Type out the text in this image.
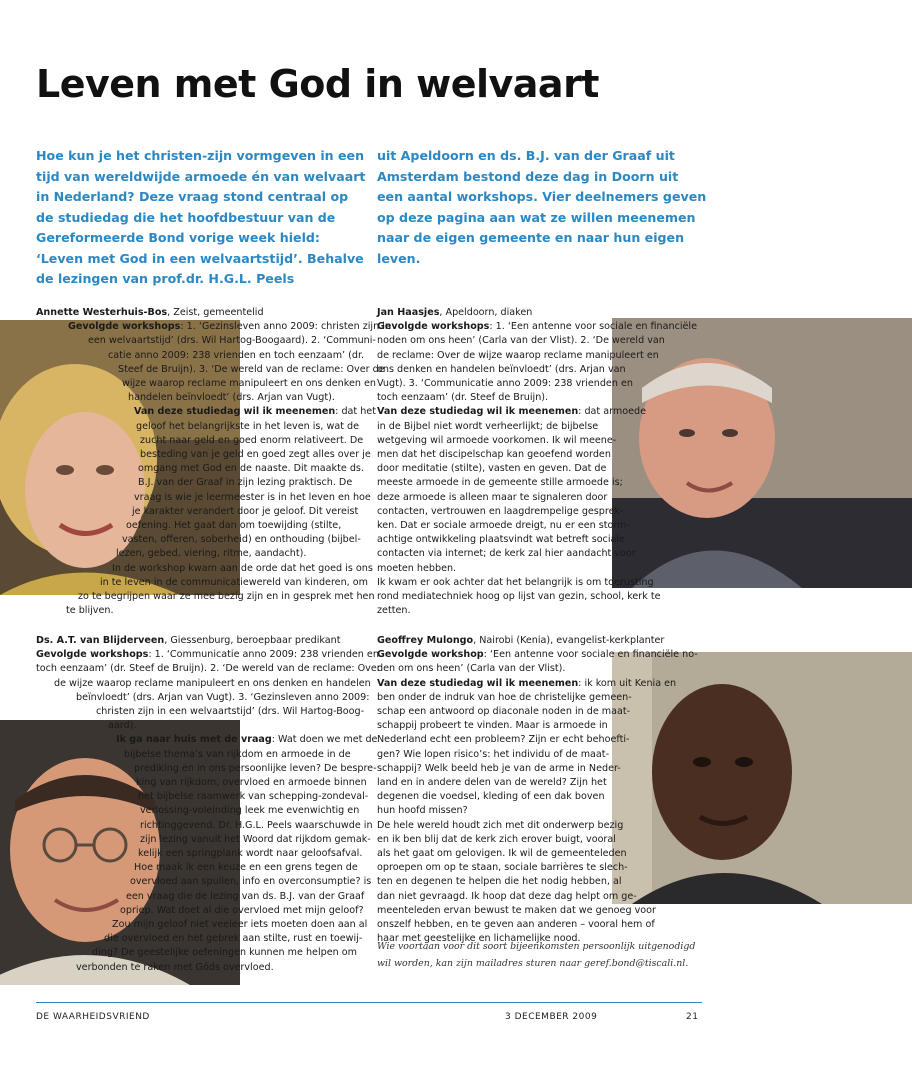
Leven met God in welvaart

Hoe kun je het christen-zijn vormgeven in een tijd van wereldwijde armoede én van welvaart in Nederland? Deze vraag stond centraal op de studiedag die het hoofdbestuur van de Gereformeerde Bond vorige week hield: ‘Leven met God in een welvaartstijd’. Behalve de lezingen van prof.dr. H.G.L. Peels

uit Apeldoorn en ds. B.J. van der Graaf uit Amsterdam bestond deze dag in Doorn uit een aantal workshops. Vier deelnemers geven op deze pagina aan wat ze willen meenemen naar de eigen gemeente en naar hun eigen leven.

Annette Westerhuis-Bos, Zeist, gemeentelid
Gevolgde workshops: 1. ‘Gezinsleven anno 2009: christen zijn in
een welvaartstijd’ (drs. Wil Hartog-Boogaard). 2. ‘Communi-
catie anno 2009: 238 vrienden en toch eenzaam’ (dr.
Steef de Bruijn). 3. ‘De wereld van de reclame: Over de
wijze waarop reclame manipuleert en ons denken en
handelen beïnvloedt’ (drs. Arjan van Vugt).
Van deze studiedag wil ik meenemen: dat het
geloof het belangrijkste in het leven is, wat de
zucht naar geld en goed enorm relativeert. De
besteding van je geld en goed zegt alles over je
omgang met God en de naaste. Dit maakte ds.
B.J. van der Graaf in zijn lezing praktisch. De
vraag is wie je leermeester is in het leven en hoe
je karakter verandert door je geloof. Dit vereist
oefening. Het gaat dan om toewijding (stilte,
vasten, offeren, soberheid) en onthouding (bijbel-
lezen, gebed, viering, ritme, aandacht).
In de workshop kwam aan de orde dat het goed is ons
in te leven in de communicatiewereld van kinderen, om
zo te begrijpen waar ze mee bezig zijn en in gesprek met hen
te blijven.
Jan Haasjes, Apeldoorn, diaken
Gevolgde workshops: 1. ‘Een antenne voor sociale en financiële
noden om ons heen’ (Carla van der Vlist). 2. ‘De wereld van
de reclame: Over de wijze waarop reclame manipuleert en
ons denken en handelen beïnvloedt’ (drs. Arjan van
Vugt). 3. ‘Communicatie anno 2009: 238 vrienden en
toch eenzaam’ (dr. Steef de Bruijn).
Van deze studiedag wil ik meenemen: dat armoede
in de Bijbel niet wordt verheerlijkt; de bijbelse
wetgeving wil armoede voorkomen. Ik wil meene-
men dat het discipelschap kan geoefend worden
door meditatie (stilte), vasten en geven. Dat de
meeste armoede in de gemeente stille armoede is;
deze armoede is alleen maar te signaleren door
contacten, vertrouwen en laagdrempelige gesprek-
ken. Dat er sociale armoede dreigt, nu er een storm-
achtige ontwikkeling plaatsvindt wat betreft sociale
contacten via internet; de kerk zal hier aandacht voor
moeten hebben.
Ik kwam er ook achter dat het belangrijk is om toerusting
rond mediatechniek hoog op lijst van gezin, school, kerk te
zetten.
Ds. A.T. van Blijderveen, Giessenburg, beroepbaar predikant
Gevolgde workshops: 1. ‘Communicatie anno 2009: 238 vrienden en
toch eenzaam’ (dr. Steef de Bruijn). 2. ‘De wereld van de reclame: Over
de wijze waarop reclame manipuleert en ons denken en handelen
beïnvloedt’ (drs. Arjan van Vugt). 3. ‘Gezinsleven anno 2009:
christen zijn in een welvaartstijd’ (drs. Wil Hartog-Boog-
aard).
Ik ga naar huis met de vraag: Wat doen we met de
bijbelse thema’s van rijkdom en armoede in de
prediking en in ons persoonlijke leven? De bespre-
king van rijkdom, overvloed en armoede binnen
het bijbelse raamwerk van schepping-zondeval-
verlossing-voleinding leek me evenwichtig en
richtinggevend. Dr. H.G.L. Peels waarschuwde in
zijn lezing vanuit het Woord dat rijkdom gemak-
kelijk een springplank wordt naar geloofsafval.
Hoe maak ik een keuze en een grens tegen de
overvloed aan spullen, info en overconsumptie? is
een vraag die de lezing van ds. B.J. van der Graaf
opriep. Wat doet al die overvloed met mijn geloof?
Zou mijn geloof niet veeleer iets moeten doen aan al
die overvloed en het gebrek aan stilte, rust en toewij-
ding? De geestelijke oefeningen kunnen me helpen om
verbonden te raken met Góds overvloed.
Geoffrey Mulongo, Nairobi (Kenia), evangelist-kerkplanter
Gevolgde workshop: ‘Een antenne voor sociale en financiële no-
den om ons heen’ (Carla van der Vlist).
Van deze studiedag wil ik meenemen: ik kom uit Kenia en
ben onder de indruk van hoe de christelijke gemeen-
schap een antwoord op diaconale noden in de maat-
schappij probeert te vinden. Maar is armoede in
Nederland echt een probleem? Zijn er echt behoefti-
gen? Wie lopen risico’s: het individu of de maat-
schappij? Welk beeld heb je van de arme in Neder-
land en in andere delen van de wereld? Zijn het
degenen die voedsel, kleding of een dak boven
hun hoofd missen?
De hele wereld houdt zich met dit onderwerp bezig
en ik ben blij dat de kerk zich erover buigt, vooral
als het gaat om gelovigen. Ik wil de gemeenteleden
oproepen om op te staan, sociale barrières te slech-
ten en degenen te helpen die het nodig hebben, al
dan niet gevraagd. Ik hoop dat deze dag helpt om ge-
meenteleden ervan bewust te maken dat we genoeg voor
onszelf hebben, en te geven aan anderen – vooral hem of
haar met geestelijke en lichamelijke nood.
Wie voortaan voor dit soort bijeenkomsten persoonlijk uitgenodigd wil worden, kan zijn mailadres sturen naar geref.bond@tiscali.nl.
DE WAARHEIDSVRIEND	3 DECEMBER 2009	21
